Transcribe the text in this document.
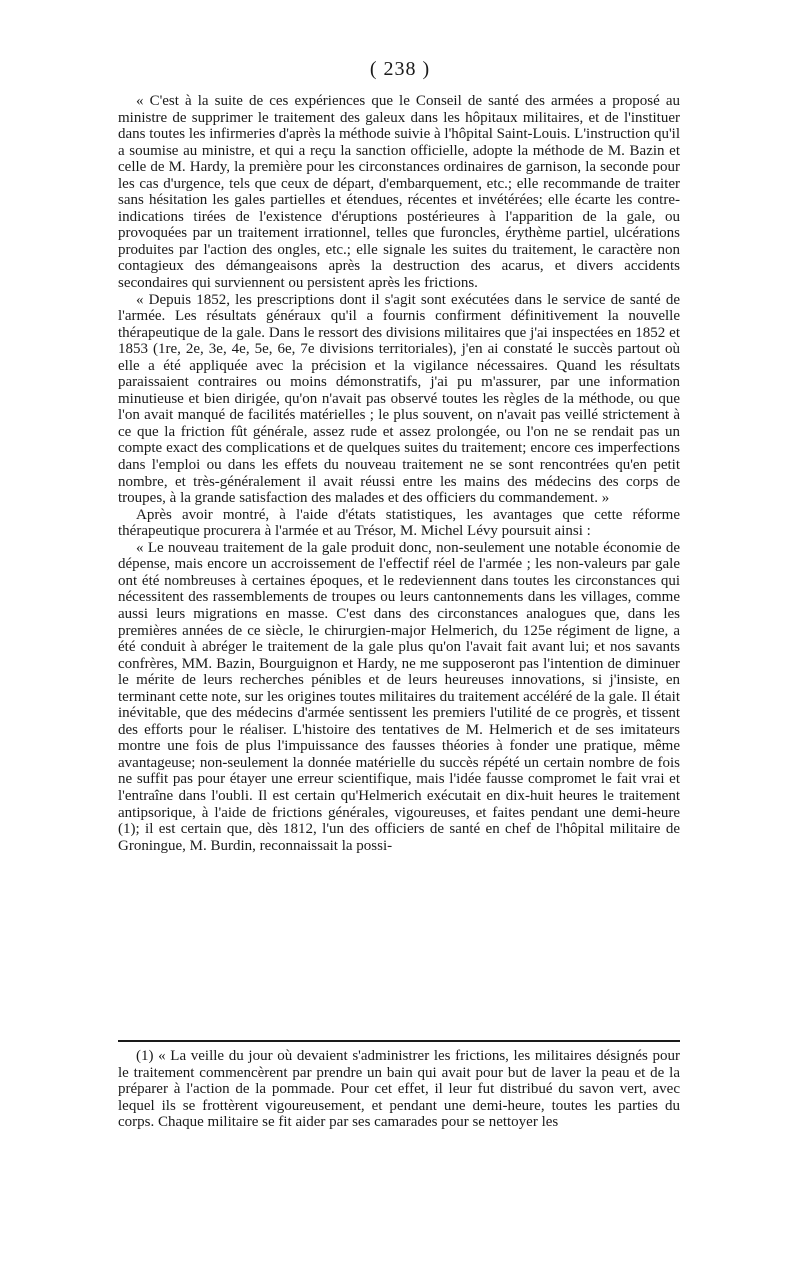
( 238 )

« C'est à la suite de ces expériences que le Conseil de santé des armées a proposé au ministre de supprimer le traitement des galeux dans les hôpitaux militaires, et de l'instituer dans toutes les infirmeries d'après la méthode suivie à l'hôpital Saint-Louis. L'instruction qu'il a soumise au ministre, et qui a reçu la sanction officielle, adopte la méthode de M. Bazin et celle de M. Hardy, la première pour les circonstances ordinaires de garnison, la seconde pour les cas d'urgence, tels que ceux de départ, d'embarquement, etc.; elle recommande de traiter sans hésitation les gales partielles et étendues, récentes et invétérées; elle écarte les contre-indications tirées de l'existence d'éruptions postérieures à l'apparition de la gale, ou provoquées par un traitement irrationnel, telles que furoncles, érythème partiel, ulcérations produites par l'action des ongles, etc.; elle signale les suites du traitement, le caractère non contagieux des démangeaisons après la destruction des acarus, et divers accidents secondaires qui surviennent ou persistent après les frictions.

« Depuis 1852, les prescriptions dont il s'agit sont exécutées dans le service de santé de l'armée. Les résultats généraux qu'il a fournis confirment définitivement la nouvelle thérapeutique de la gale. Dans le ressort des divisions militaires que j'ai inspectées en 1852 et 1853 (1re, 2e, 3e, 4e, 5e, 6e, 7e divisions territoriales), j'en ai constaté le succès partout où elle a été appliquée avec la précision et la vigilance nécessaires. Quand les résultats paraissaient contraires ou moins démonstratifs, j'ai pu m'assurer, par une information minutieuse et bien dirigée, qu'on n'avait pas observé toutes les règles de la méthode, ou que l'on avait manqué de facilités matérielles ; le plus souvent, on n'avait pas veillé strictement à ce que la friction fût générale, assez rude et assez prolongée, ou l'on ne se rendait pas un compte exact des complications et de quelques suites du traitement; encore ces imperfections dans l'emploi ou dans les effets du nouveau traitement ne se sont rencontrées qu'en petit nombre, et très-généralement il avait réussi entre les mains des médecins des corps de troupes, à la grande satisfaction des malades et des officiers du commandement. »

Après avoir montré, à l'aide d'états statistiques, les avantages que cette réforme thérapeutique procurera à l'armée et au Trésor, M. Michel Lévy poursuit ainsi :

« Le nouveau traitement de la gale produit donc, non-seulement une notable économie de dépense, mais encore un accroissement de l'effectif réel de l'armée ; les non-valeurs par gale ont été nombreuses à certaines époques, et le redeviennent dans toutes les circonstances qui nécessitent des rassemblements de troupes ou leurs cantonnements dans les villages, comme aussi leurs migrations en masse. C'est dans des circonstances analogues que, dans les premières années de ce siècle, le chirurgien-major Helmerich, du 125e régiment de ligne, a été conduit à abréger le traitement de la gale plus qu'on l'avait fait avant lui; et nos savants confrères, MM. Bazin, Bourguignon et Hardy, ne me supposeront pas l'intention de diminuer le mérite de leurs recherches pénibles et de leurs heureuses innovations, si j'insiste, en terminant cette note, sur les origines toutes militaires du traitement accéléré de la gale. Il était inévitable, que des médecins d'armée sentissent les premiers l'utilité de ce progrès, et tissent des efforts pour le réaliser. L'histoire des tentatives de M. Helmerich et de ses imitateurs montre une fois de plus l'impuissance des fausses théories à fonder une pratique, même avantageuse; non-seulement la donnée matérielle du succès répété un certain nombre de fois ne suffit pas pour étayer une erreur scientifique, mais l'idée fausse compromet le fait vrai et l'entraîne dans l'oubli. Il est certain qu'Helmerich exécutait en dix-huit heures le traitement antipsorique, à l'aide de frictions générales, vigoureuses, et faites pendant une demi-heure (1); il est certain que, dès 1812, l'un des officiers de santé en chef de l'hôpital militaire de Groningue, M. Burdin, reconnaissait la possi-

(1) « La veille du jour où devaient s'administrer les frictions, les militaires désignés pour le traitement commencèrent par prendre un bain qui avait pour but de laver la peau et de la préparer à l'action de la pommade. Pour cet effet, il leur fut distribué du savon vert, avec lequel ils se frottèrent vigoureusement, et pendant une demi-heure, toutes les parties du corps. Chaque militaire se fit aider par ses camarades pour se nettoyer les
